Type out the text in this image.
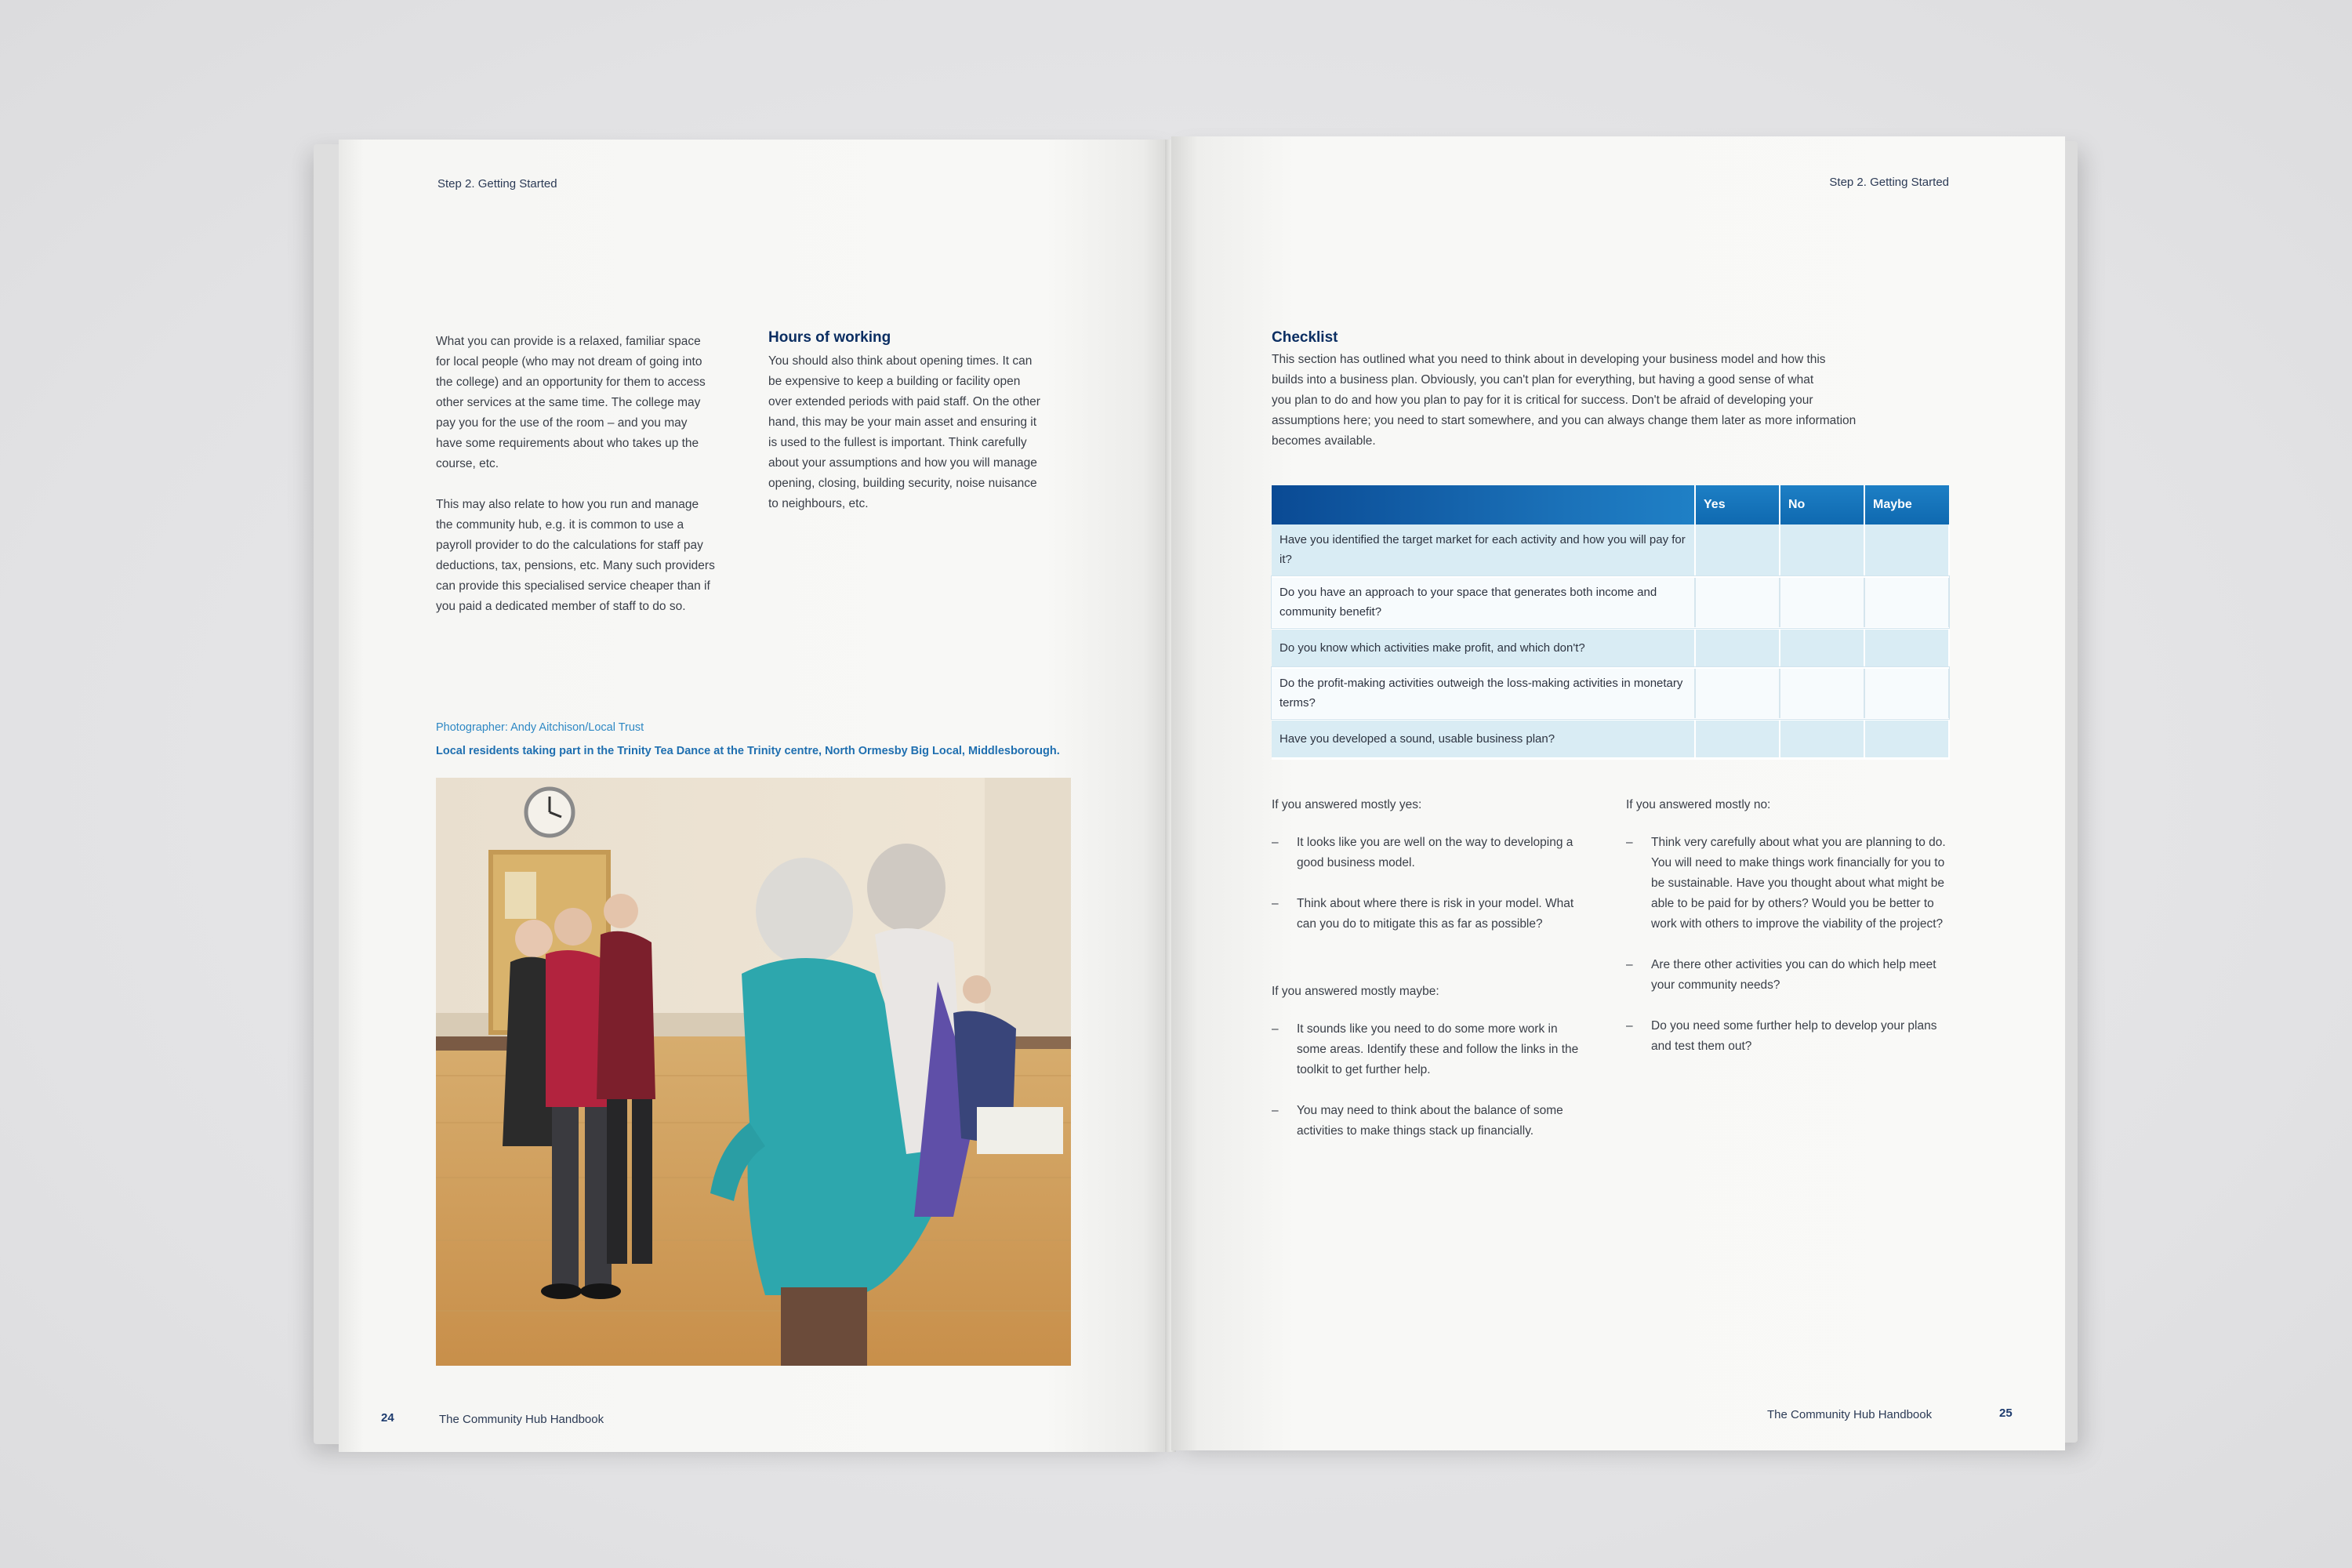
Step 2. Getting Started
What you can provide is a relaxed, familiar space
for local people (who may not dream of going into
the college) and an opportunity for them to access
other services at the same time. The college may
pay you for the use of the room – and you may
have some requirements about who takes up the
course, etc.
This may also relate to how you run and manage
the community hub, e.g. it is common to use a
payroll provider to do the calculations for staff pay
deductions, tax, pensions, etc. Many such providers
can provide this specialised service cheaper than if
you paid a dedicated member of staff to do so.
Hours of working
You should also think about opening times. It can
be expensive to keep a building or facility open
over extended periods with paid staff. On the other
hand, this may be your main asset and ensuring it
is used to the fullest is important. Think carefully
about your assumptions and how you will manage
opening, closing, building security, noise nuisance
to neighbours, etc.
Photographer: Andy Aitchison/Local Trust
Local residents taking part in the Trinity Tea Dance at the Trinity centre, North Ormesby Big Local, Middlesborough.
24	The Community Hub Handbook
Step 2. Getting Started
Checklist
This section has outlined what you need to think about in developing your business model and how this
builds into a business plan. Obviously, you can't plan for everything, but having a good sense of what
you plan to do and how you plan to pay for it is critical for success. Don't be afraid of developing your
assumptions here; you need to start somewhere, and you can always change them later as more information
becomes available.
	Yes	No	Maybe
Have you identified the target market for each activity and how you will pay for it?			
Do you have an approach to your space that generates both income and community benefit?			
Do you know which activities make profit, and which don't?			
Do the profit-making activities outweigh the loss-making activities in monetary terms?			
Have you developed a sound, usable business plan?			
If you answered mostly yes:
– It looks like you are well on the way to developing a good business model.
– Think about where there is risk in your model. What can you do to mitigate this as far as possible?
If you answered mostly maybe:
– It sounds like you need to do some more work in some areas. Identify these and follow the links in the toolkit to get further help.
– You may need to think about the balance of some activities to make things stack up financially.
If you answered mostly no:
– Think very carefully about what you are planning to do. You will need to make things work financially for you to be sustainable. Have you thought about what might be able to be paid for by others? Would you be better to work with others to improve the viability of the project?
– Are there other activities you can do which help meet your community needs?
– Do you need some further help to develop your plans and test them out?
The Community Hub Handbook	25
